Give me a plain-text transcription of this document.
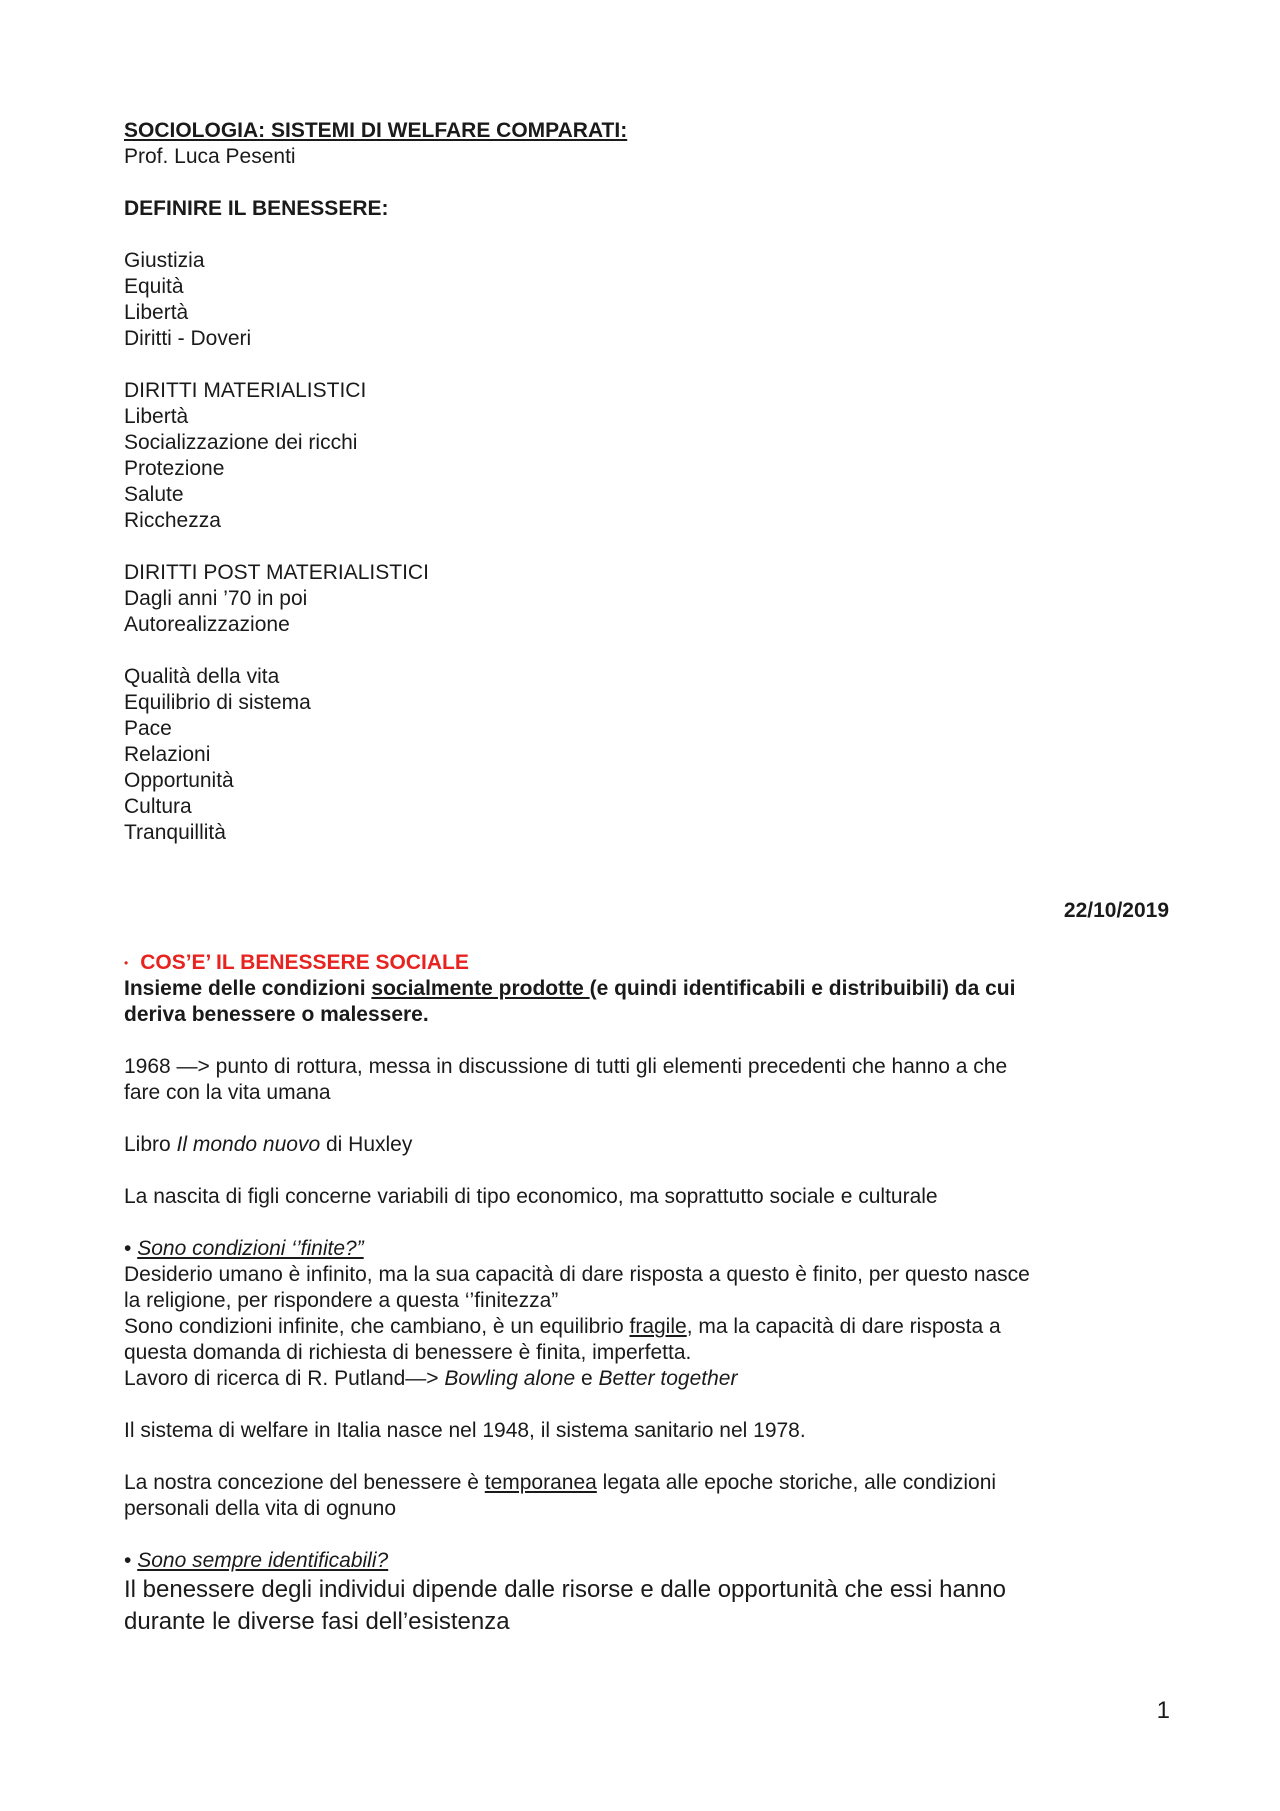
SOCIOLOGIA: SISTEMI DI WELFARE COMPARATI:
Prof. Luca Pesenti
DEFINIRE IL BENESSERE:
Giustizia
Equità
Libertà
Diritti - Doveri
DIRITTI MATERIALISTICI
Libertà
Socializzazione dei ricchi
Protezione
Salute
Ricchezza
DIRITTI POST MATERIALISTICI
Dagli anni ’70 in poi
Autorealizzazione
Qualità della vita
Equilibrio di sistema
Pace
Relazioni
Opportunità
Cultura
Tranquillità
22/10/2019
• COS’E’ IL BENESSERE SOCIALE
Insieme delle condizioni socialmente prodotte (e quindi identificabili e distribuibili) da cui
deriva benessere o malessere.
1968 —> punto di rottura, messa in discussione di tutti gli elementi precedenti che hanno a che
fare con la vita umana
Libro Il mondo nuovo di Huxley
La nascita di figli concerne variabili di tipo economico, ma soprattutto sociale e culturale
• Sono condizioni ‘’finite?”
Desiderio umano è infinito, ma la sua capacità di dare risposta a questo è finito, per questo nasce
la religione, per rispondere a questa ‘’finitezza”
Sono condizioni infinite, che cambiano, è un equilibrio fragile, ma la capacità di dare risposta a
questa domanda di richiesta di benessere è finita, imperfetta.
Lavoro di ricerca di R. Putland—> Bowling alone e Better together
Il sistema di welfare in Italia nasce nel 1948, il sistema sanitario nel 1978.
La nostra concezione del benessere è temporanea legata alle epoche storiche, alle condizioni
personali della vita di ognuno
• Sono sempre identificabili?
Il benessere degli individui dipende dalle risorse e dalle opportunità che essi hanno
durante le diverse fasi dell’esistenza
1
